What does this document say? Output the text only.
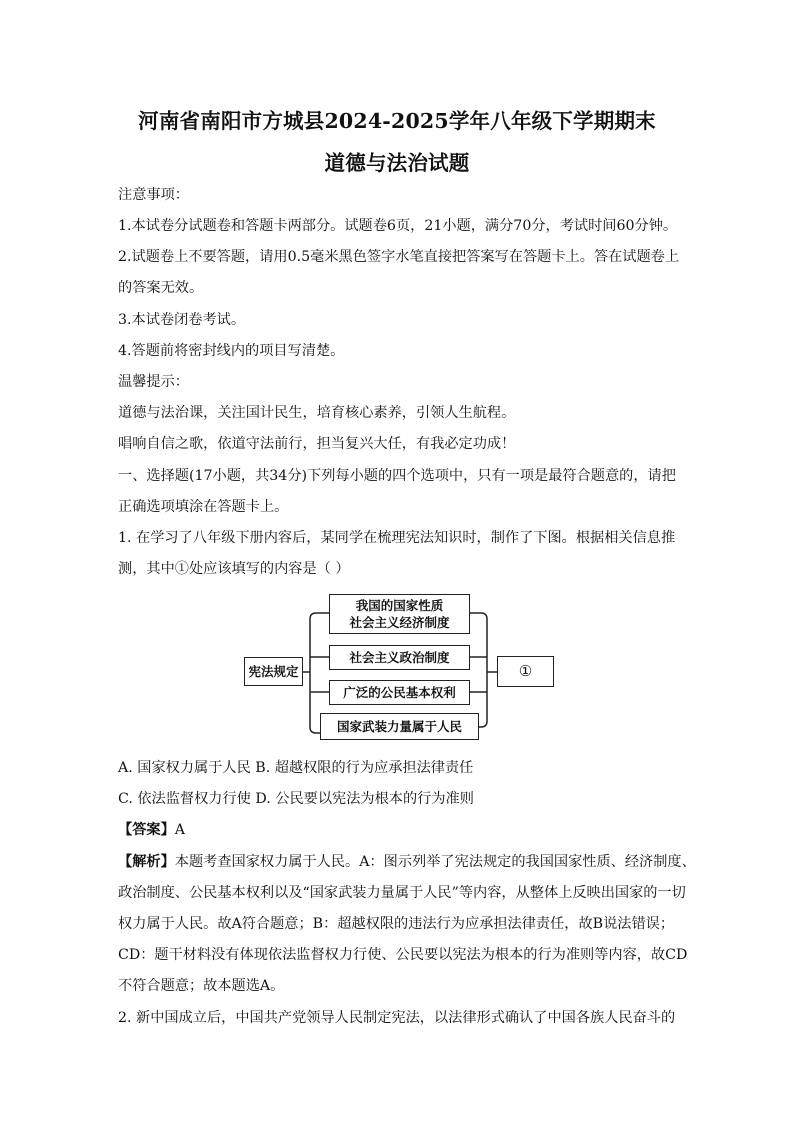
河南省南阳市方城县2024-2025学年八年级下学期期末
道德与法治试题
注意事项：
1.本试卷分试题卷和答题卡两部分。试题卷6页，21小题，满分70分，考试时间60分钟。
2.试题卷上不要答题，请用0.5毫米黑色签字水笔直接把答案写在答题卡上。答在试题卷上
的答案无效。
3.本试卷闭卷考试。
4.答题前将密封线内的项目写清楚。
温馨提示：
道德与法治课，关注国计民生，培育核心素养，引领人生航程。
唱响自信之歌，依道守法前行，担当复兴大任，有我必定功成！
一、选择题(17小题，共34分)下列每小题的四个选项中，只有一项是最符合题意的，请把
正确选项填涂在答题卡上。
1. 在学习了八年级下册内容后，某同学在梳理宪法知识时，制作了下图。根据相关信息推
测，其中①处应该填写的内容是（ ）
宪法规定
我国的国家性质
社会主义经济制度
社会主义政治制度
广泛的公民基本权利
国家武装力量属于人民
①
A. 国家权力属于人民 B. 超越权限的行为应承担法律责任
C. 依法监督权力行使 D. 公民要以宪法为根本的行为准则
【答案】A
【解析】本题考查国家权力属于人民。A：图示列举了宪法规定的我国国家性质、经济制度、
政治制度、公民基本权利以及“国家武装力量属于人民”等内容，从整体上反映出国家的一切
权力属于人民。故A符合题意；B：超越权限的违法行为应承担法律责任，故B说法错误；
CD：题干材料没有体现依法监督权力行使、公民要以宪法为根本的行为准则等内容，故CD
不符合题意；故本题选A。
2. 新中国成立后，中国共产党领导人民制定宪法，以法律形式确认了中国各族人民奋斗的
